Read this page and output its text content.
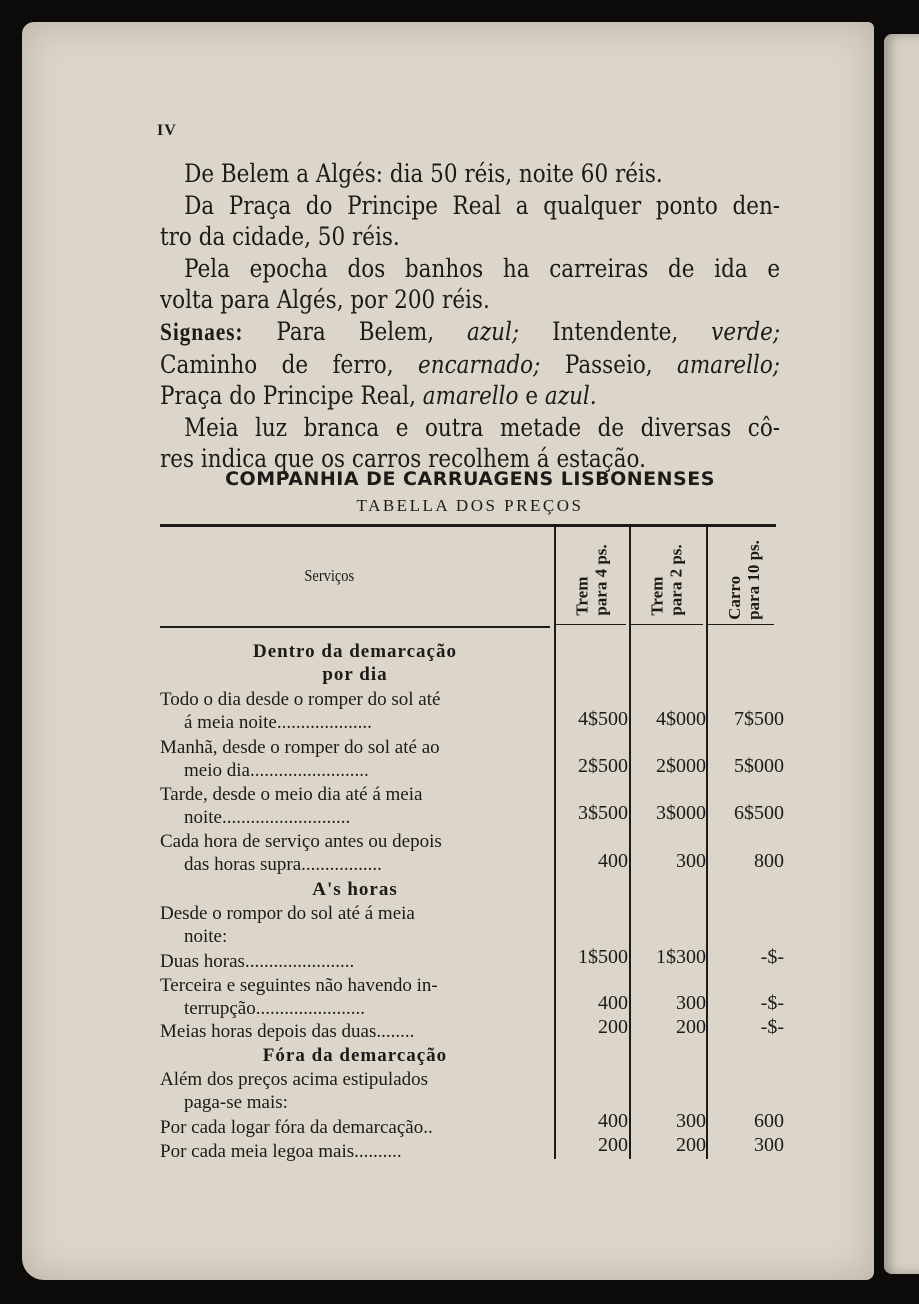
IV
De Belem a Algés: dia 50 réis, noite 60 réis.
Da Praça do Principe Real a qualquer ponto den-
tro da cidade, 50 réis.
Pela epocha dos banhos ha carreiras de ida e
volta para Algés, por 200 réis.
Signaes: Para Belem, azul; Intendente, verde;
Caminho de ferro, encarnado; Passeio, amarello;
Praça do Principe Real, amarello e azul.
Meia luz branca e outra metade de diversas cô-
res indica que os carros recolhem á estação.
COMPANHIA DE CARRUAGENS LISBONENSES
TABELLA DOS PREÇOS
Serviços
Trem para 4 ps. Trem para 2 ps. Carro para 10 ps.
Dentro da demarcação
por dia
Todo o dia desde o romper do sol até
á meia noite....................	4$500	4$000	7$500
Manhã, desde o romper do sol até ao
meio dia.........................	2$500	2$000	5$000
Tarde, desde o meio dia até á meia
noite...........................	3$500	3$000	6$500
Cada hora de serviço antes ou depois
das horas supra.................	400	300	800
A's horas
Desde o rompor do sol até á meia
noite:
Duas horas.......................	1$500	1$300	-$-
Terceira e seguintes não havendo in-
terrupção.......................	400	300	-$-
Meias horas depois das duas........	200	200	-$-
Fóra da demarcação
Além dos preços acima estipulados
paga-se mais:
Por cada logar fóra da demarcação..	400	300	600
Por cada meia legoa mais..........	200	200	300
